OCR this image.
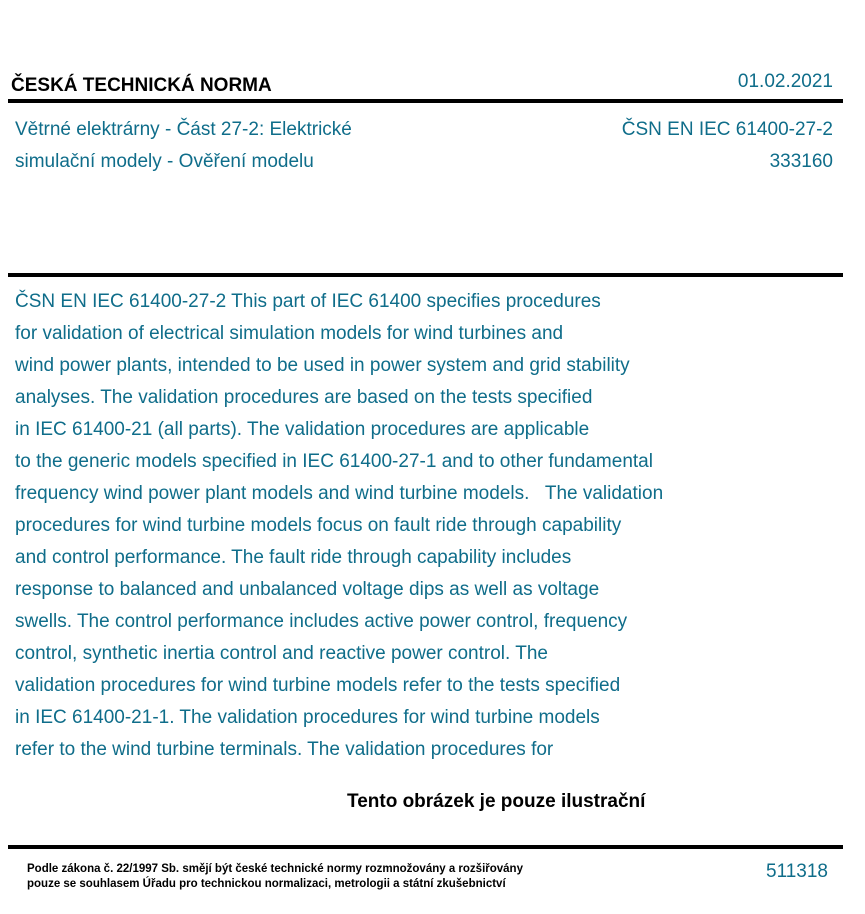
ČESKÁ TECHNICKÁ NORMA	01.02.2021
Větrné elektrárny - Část 27-2: Elektrické
simulační modely - Ověření modelu
ČSN EN IEC 61400-27-2
333160
ČSN EN IEC 61400-27-2 This part of IEC 61400 specifies procedures
for validation of electrical simulation models for wind turbines and
wind power plants, intended to be used in power system and grid stability
analyses. The validation procedures are based on the tests specified
in IEC 61400-21 (all parts). The validation procedures are applicable
to the generic models specified in IEC 61400-27-1 and to other fundamental
frequency wind power plant models and wind turbine models.   The validation
procedures for wind turbine models focus on fault ride through capability
and control performance. The fault ride through capability includes
response to balanced and unbalanced voltage dips as well as voltage
swells. The control performance includes active power control, frequency
control, synthetic inertia control and reactive power control. The
validation procedures for wind turbine models refer to the tests specified
in IEC 61400-21-1. The validation procedures for wind turbine models
refer to the wind turbine terminals. The validation procedures for
Tento obrázek je pouze ilustrační
Podle zákona č. 22/1997 Sb. smějí být české technické normy rozmnožovány a rozšiřovány
pouze se souhlasem Úřadu pro technickou normalizaci, metrologii a státní zkušebnictví
511318
